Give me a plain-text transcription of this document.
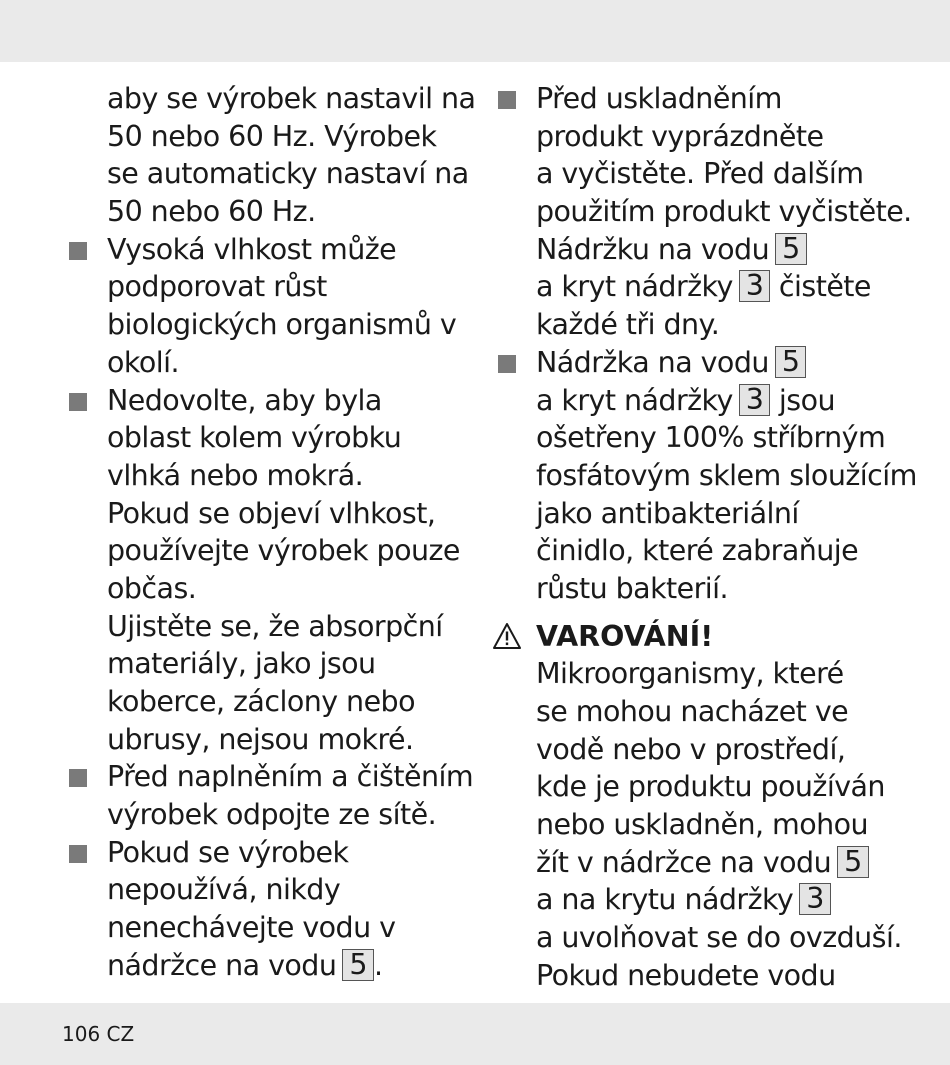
aby se výrobek nastavil na
50 nebo 60 Hz. Výrobek
se automaticky nastaví na
50 nebo 60 Hz.
Vysoká vlhkost může
podporovat růst
biologických organismů v
okolí.
Nedovolte, aby byla
oblast kolem výrobku
vlhká nebo mokrá.
Pokud se objeví vlhkost,
používejte výrobek pouze
občas.
Ujistěte se, že absorpční
materiály, jako jsou
koberce, záclony nebo
ubrusy, nejsou mokré.
Před naplněním a čištěním
výrobek odpojte ze sítě.
Pokud se výrobek
nepoužívá, nikdy
nenechávejte vodu v
nádržce na vodu 5 .
Před uskladněním
produkt vyprázdněte
a vyčistěte. Před dalším
použitím produkt vyčistěte.
Nádržku na vodu 5
a kryt nádržky 3 čistěte
každé tři dny.
Nádržka na vodu 5
a kryt nádržky 3 jsou
ošetřeny 100% stříbrným
fosfátovým sklem sloužícím
jako antibakteriální
činidlo, které zabraňuje
růstu bakterií.
VAROVÁNÍ!
Mikroorganismy, které
se mohou nacházet ve
vodě nebo v prostředí,
kde je produktu používán
nebo uskladněn, mohou
žít v nádržce na vodu 5
a na krytu nádržky 3
a uvolňovat se do ovzduší.
Pokud nebudete vodu
106 CZ
